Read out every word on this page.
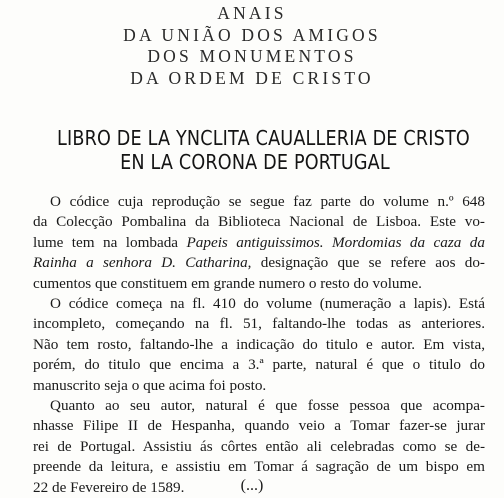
ANAIS
DA UNIÃO DOS AMIGOS
DOS MONUMENTOS
DA ORDEM DE CRISTO
LIBRO DE LA YNCLITA CAUALLERIA DE CRISTO
EN LA CORONA DE PORTUGAL
O códice cuja reprodução se segue faz parte do volume n.º 648
da Colecção Pombalina da Biblioteca Nacional de Lisboa. Este vo-
lume tem na lombada Papeis antiguissimos. Mordomias da caza da
Rainha a senhora D. Catharina, designação que se refere aos do-
cumentos que constituem em grande numero o resto do volume.
O códice começa na fl. 410 do volume (numeração a lapis). Está
incompleto, começando na fl. 51, faltando-lhe todas as anteriores.
Não tem rosto, faltando-lhe a indicação do titulo e autor. Em vista,
porém, do titulo que encima a 3.ª parte, natural é que o titulo do
manuscrito seja o que acima foi posto.
Quanto ao seu autor, natural é que fosse pessoa que acompa-
nhasse Filipe II de Hespanha, quando veio a Tomar fazer-se jurar
rei de Portugal. Assistiu ás côrtes então ali celebradas como se de-
preende da leitura, e assistiu em Tomar á sagração de um bispo em
22 de Fevereiro de 1589.	(...)
